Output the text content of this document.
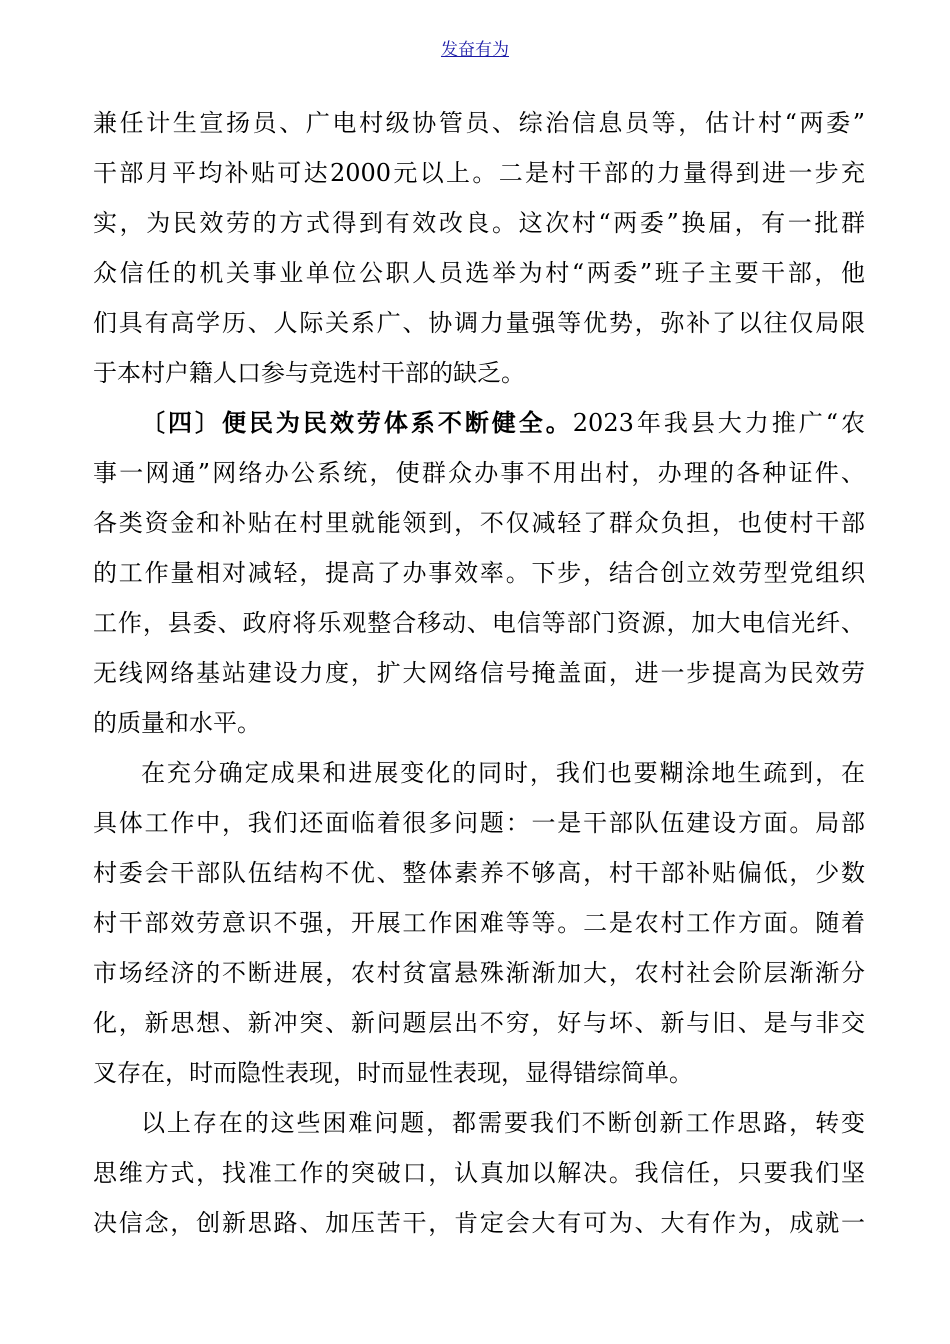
发奋有为
兼任计生宣扬员、广电村级协管员、综治信息员等，估计村“两委”
干部月平均补贴可达2000元以上。二是村干部的力量得到进一步充
实，为民效劳的方式得到有效改良。这次村“两委”换届，有一批群
众信任的机关事业单位公职人员选举为村“两委”班子主要干部，他
们具有高学历、人际关系广、协调力量强等优势，弥补了以往仅局限
于本村户籍人口参与竞选村干部的缺乏。
〔四〕便民为民效劳体系不断健全。2023年我县大力推广“农
事一网通”网络办公系统，使群众办事不用出村，办理的各种证件、
各类资金和补贴在村里就能领到，不仅减轻了群众负担，也使村干部
的工作量相对减轻，提高了办事效率。下步，结合创立效劳型党组织
工作，县委、政府将乐观整合移动、电信等部门资源，加大电信光纤、
无线网络基站建设力度，扩大网络信号掩盖面，进一步提高为民效劳
的质量和水平。
在充分确定成果和进展变化的同时，我们也要糊涂地生疏到，在
具体工作中，我们还面临着很多问题：一是干部队伍建设方面。局部
村委会干部队伍结构不优、整体素养不够高，村干部补贴偏低，少数
村干部效劳意识不强，开展工作困难等等。二是农村工作方面。随着
市场经济的不断进展，农村贫富悬殊渐渐加大，农村社会阶层渐渐分
化，新思想、新冲突、新问题层出不穷，好与坏、新与旧、是与非交
叉存在，时而隐性表现，时而显性表现，显得错综简单。
以上存在的这些困难问题，都需要我们不断创新工作思路，转变
思维方式，找准工作的突破口，认真加以解决。我信任，只要我们坚
决信念，创新思路、加压苦干，肯定会大有可为、大有作为，成就一
